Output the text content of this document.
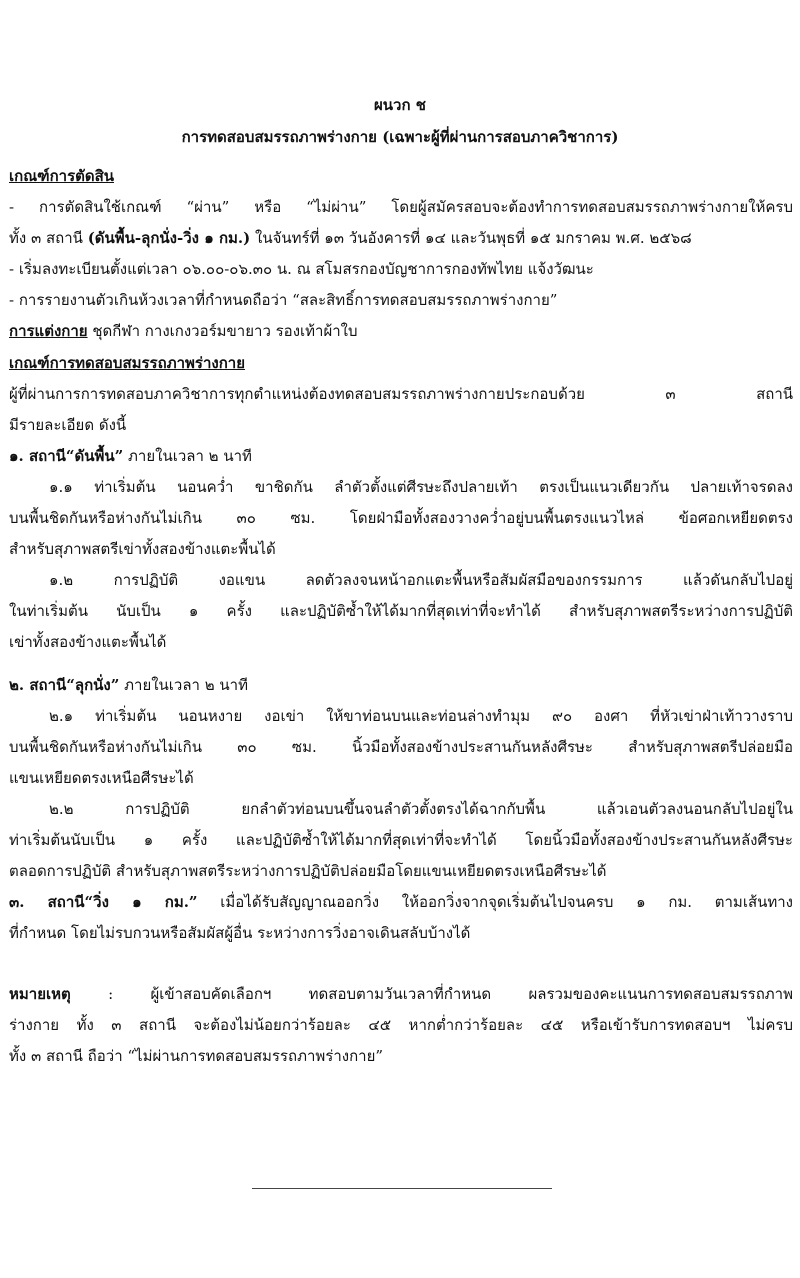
ผนวก ช
การทดสอบสมรรถภาพร่างกาย (เฉพาะผู้ที่ผ่านการสอบภาควิชาการ)
เกณฑ์การตัดสิน
- การตัดสินใช้เกณฑ์ “ผ่าน” หรือ “ไม่ผ่าน” โดยผู้สมัครสอบจะต้องทำการทดสอบสมรรถภาพร่างกายให้ครบ
ทั้ง ๓ สถานี (ดันพื้น-ลุกนั่ง-วิ่ง ๑ กม.) ในจันทร์ที่ ๑๓ วันอังคารที่ ๑๔ และวันพุธที่ ๑๕ มกราคม พ.ศ. ๒๕๖๘
- เริ่มลงทะเบียนตั้งแต่เวลา ๐๖.๐๐-๐๖.๓๐ น. ณ สโมสรกองบัญชาการกองทัพไทย แจ้งวัฒนะ
- การรายงานตัวเกินห้วงเวลาที่กำหนดถือว่า “สละสิทธิ์การทดสอบสมรรถภาพร่างกาย”
การแต่งกาย ชุดกีฬา กางเกงวอร์มขายาว รองเท้าผ้าใบ
เกณฑ์การทดสอบสมรรถภาพร่างกาย
ผู้ที่ผ่านการการทดสอบภาควิชาการทุกตำแหน่งต้องทดสอบสมรรถภาพร่างกายประกอบด้วย ๓ สถานี
มีรายละเอียด ดังนี้
๑. สถานี“ดันพื้น” ภายในเวลา ๒ นาที
๑.๑ ท่าเริ่มต้น นอนคว่ำ ขาชิดกัน ลำตัวตั้งแต่ศีรษะถึงปลายเท้า ตรงเป็นแนวเดียวกัน ปลายเท้าจรดลง
บนพื้นชิดกันหรือห่างกันไม่เกิน ๓๐ ซม. โดยฝ่ามือทั้งสองวางคว่ำอยู่บนพื้นตรงแนวไหล่ ข้อศอกเหยียดตรง
สำหรับสุภาพสตรีเข่าทั้งสองข้างแตะพื้นได้
๑.๒ การปฏิบัติ งอแขน ลดตัวลงจนหน้าอกแตะพื้นหรือสัมผัสมือของกรรมการ แล้วดันกลับไปอยู่
ในท่าเริ่มต้น นับเป็น ๑ ครั้ง และปฏิบัติซ้ำให้ได้มากที่สุดเท่าที่จะทำได้ สำหรับสุภาพสตรีระหว่างการปฏิบัติ
เข่าทั้งสองข้างแตะพื้นได้
๒. สถานี“ลุกนั่ง” ภายในเวลา ๒ นาที
๒.๑ ท่าเริ่มต้น นอนหงาย งอเข่า ให้ขาท่อนบนและท่อนล่างทำมุม ๙๐ องศา ที่หัวเข่าฝ่าเท้าวางราบ
บนพื้นชิดกันหรือห่างกันไม่เกิน ๓๐ ซม. นิ้วมือทั้งสองข้างประสานกันหลังศีรษะ สำหรับสุภาพสตรีปล่อยมือ
แขนเหยียดตรงเหนือศีรษะได้
๒.๒ การปฏิบัติ ยกลำตัวท่อนบนขึ้นจนลำตัวตั้งตรงได้ฉากกับพื้น แล้วเอนตัวลงนอนกลับไปอยู่ใน
ท่าเริ่มต้นนับเป็น ๑ ครั้ง และปฏิบัติซ้ำให้ได้มากที่สุดเท่าที่จะทำได้ โดยนิ้วมือทั้งสองข้างประสานกันหลังศีรษะ
ตลอดการปฏิบัติ สำหรับสุภาพสตรีระหว่างการปฏิบัติปล่อยมือโดยแขนเหยียดตรงเหนือศีรษะได้
๓. สถานี“วิ่ง ๑ กม.” เมื่อได้รับสัญญาณออกวิ่ง ให้ออกวิ่งจากจุดเริ่มต้นไปจนครบ ๑ กม. ตามเส้นทาง
ที่กำหนด โดยไม่รบกวนหรือสัมผัสผู้อื่น ระหว่างการวิ่งอาจเดินสลับบ้างได้
หมายเหตุ : ผู้เข้าสอบคัดเลือกฯ ทดสอบตามวันเวลาที่กำหนด ผลรวมของคะแนนการทดสอบสมรรถภาพ
ร่างกาย ทั้ง ๓ สถานี จะต้องไม่น้อยกว่าร้อยละ ๔๕ หากต่ำกว่าร้อยละ ๔๕ หรือเข้ารับการทดสอบฯ ไม่ครบ
ทั้ง ๓ สถานี ถือว่า “ไม่ผ่านการทดสอบสมรรถภาพร่างกาย”
